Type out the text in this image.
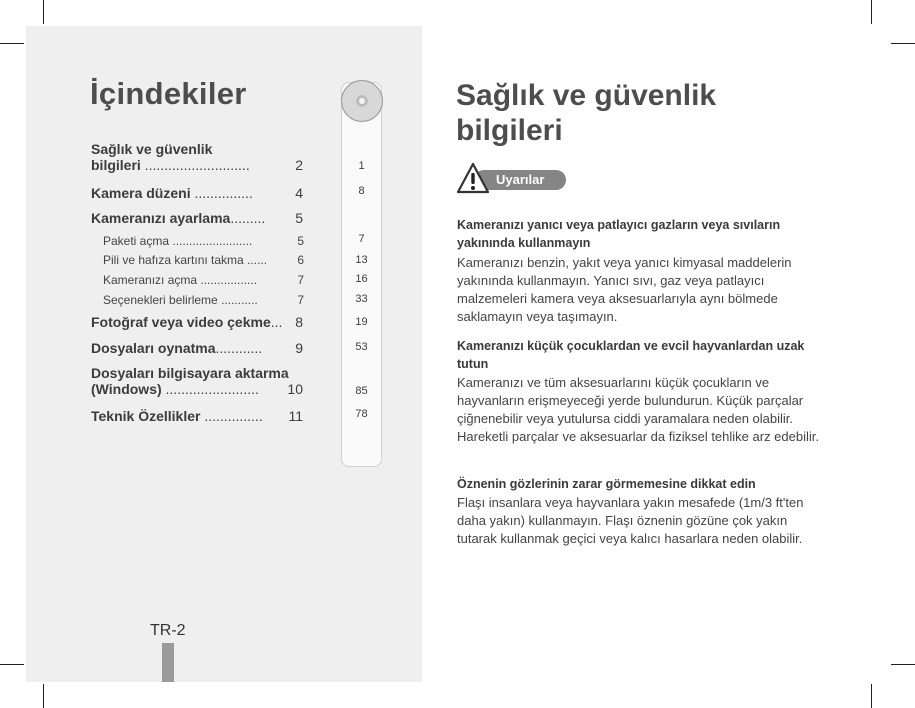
İçindekiler
Sağlık ve güvenlik
bilgileri ...........................	2
Kamera düzeni ...............	4
Kameranızı ayarlama......... 5
Paketi açma ........................	5
Pili ve hafıza kartını takma ......	6
Kameranızı açma .................	7
Seçenekleri belirleme ...........	7
Fotoğraf veya video çekme... 8
Dosyaları oynatma............ 9
Dosyaları bilgisayara aktarma
(Windows) ........................	10
Teknik Özellikler ............... 11
1
8
7
13
16
33
19
53
85
78
TR-2
Sağlık ve güvenlik bilgileri
Uyarılar

Kameranızı yanıcı veya patlayıcı gazların veya sıvıların yakınında kullanmayın

Kameranızı benzin, yakıt veya yanıcı kimyasal maddelerin yakınında kullanmayın. Yanıcı sıvı, gaz veya patlayıcı malzemeleri kamera veya aksesuarlarıyla aynı bölmede saklamayın veya taşımayın.

Kameranızı küçük çocuklardan ve evcil hayvanlardan uzak tutun

Kameranızı ve tüm aksesuarlarını küçük çocukların ve hayvanların erişmeyeceği yerde bulundurun. Küçük parçalar çiğnenebilir veya yutulursa ciddi yaramalara neden olabilir. Hareketli parçalar ve aksesuarlar da fiziksel tehlike arz edebilir.

Öznenin gözlerinin zarar görmemesine dikkat edin

Flaşı insanlara veya hayvanlara yakın mesafede (1m/3 ft'ten daha yakın) kullanmayın. Flaşı öznenin gözüne çok yakın tutarak kullanmak geçici veya kalıcı hasarlara neden olabilir.
